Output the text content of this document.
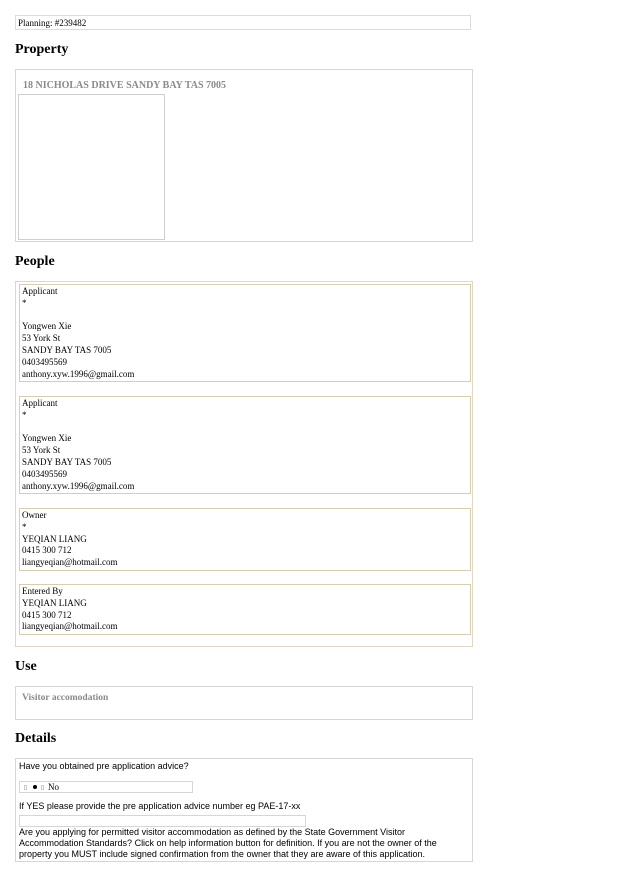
Planning: #239482
Property
18 NICHOLAS DRIVE SANDY BAY TAS 7005
People
Applicant
*

Yongwen Xie
53 York St
SANDY BAY TAS 7005
0403495569
anthony.xyw.1996@gmail.com
Applicant
*

Yongwen Xie
53 York St
SANDY BAY TAS 7005
0403495569
anthony.xyw.1996@gmail.com
Owner
*
YEQIAN LIANG
0415 300 712
liangyeqian@hotmail.com
Entered By
YEQIAN LIANG
0415 300 712
liangyeqian@hotmail.com
Use
Visitor accomodation
Details
Have you obtained pre application advice?
No
If YES please provide the pre application advice number eg PAE-17-xx
Are you applying for permitted visitor accommodation as defined by the State Government Visitor Accommodation Standards? Click on help information button for definition. If you are not the owner of the property you MUST include signed confirmation from the owner that they are aware of this application.
